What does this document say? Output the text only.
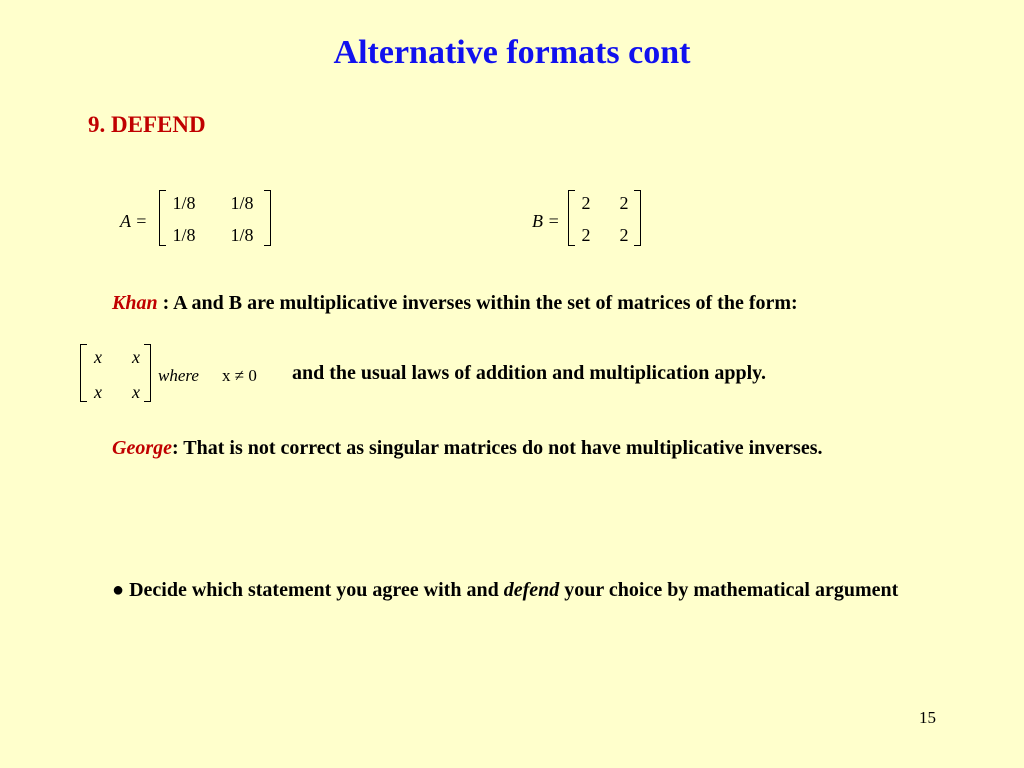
Alternative formats cont
9. DEFEND
A =
1/8	1/8
1/8	1/8
B =
2	2
2	2
Khan : A and B are multiplicative inverses within the set of matrices of the form:
x	x
x	x
where x ≠ 0 and the usual laws of addition and multiplication apply.
George: That is not correct as singular matrices do not have multiplicative inverses.
● Decide which statement you agree with and defend your choice by mathematical argument
15
